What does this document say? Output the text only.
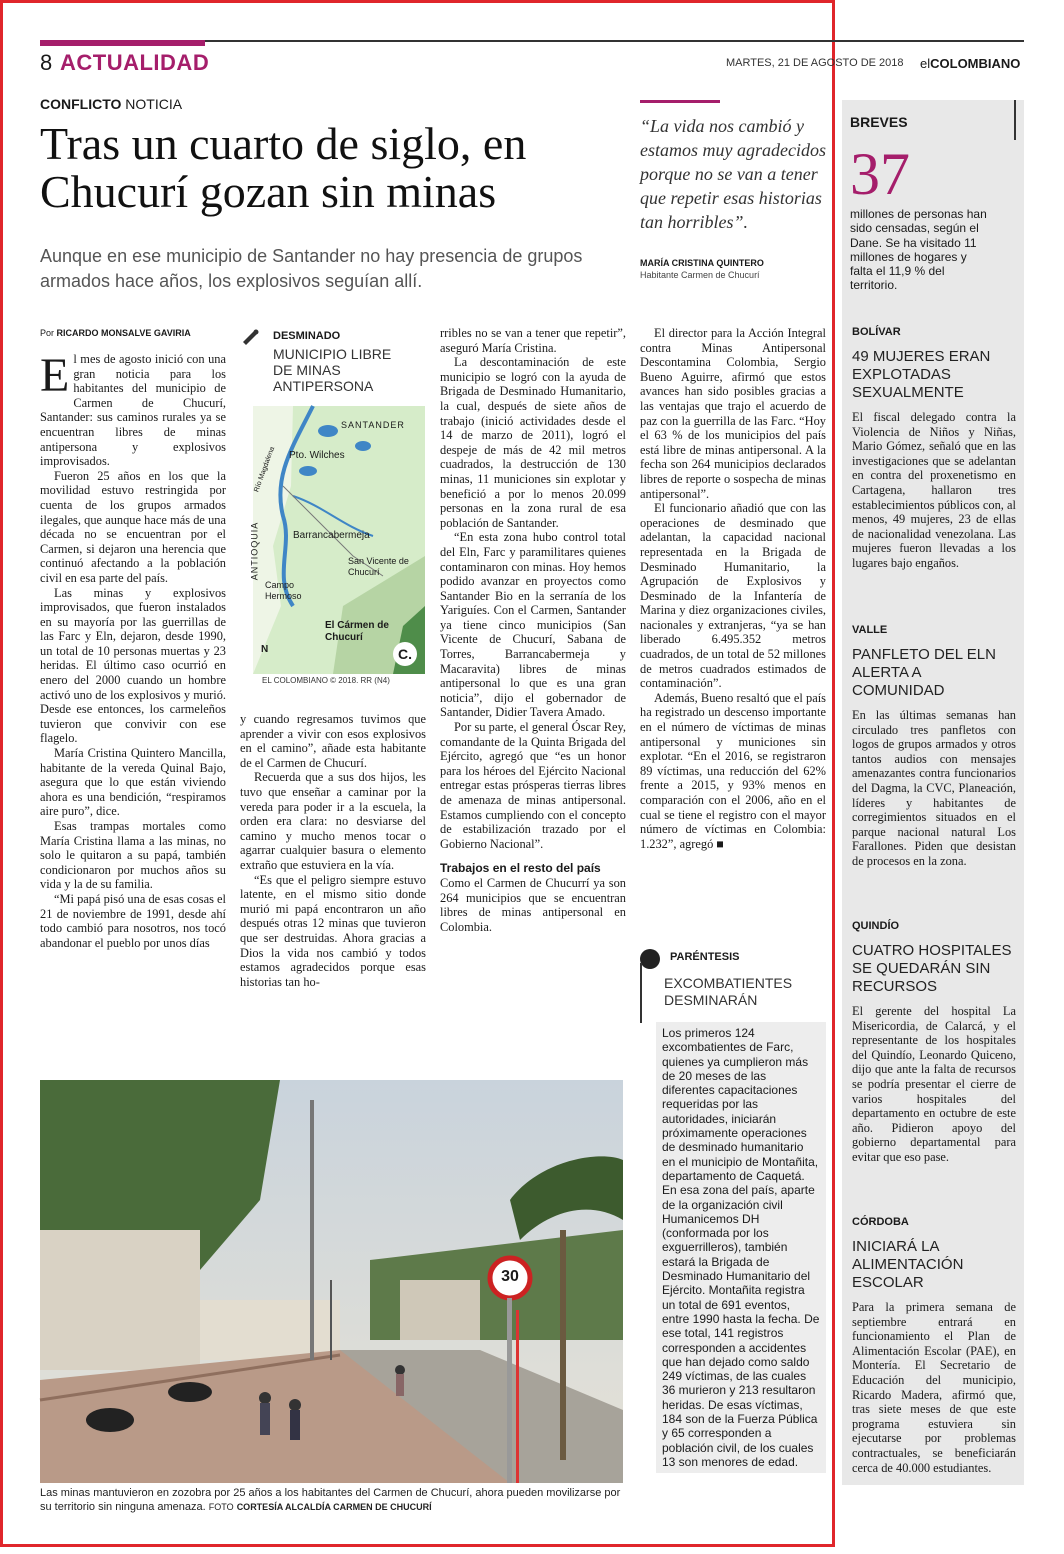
8 ACTUALIDAD	MARTES, 21 DE AGOSTO DE 2018 elCOLOMBIANO
CONFLICTO NOTICIA
Tras un cuarto de siglo, en Chucurí gozan sin minas
Aunque en ese municipio de Santander no hay presencia de grupos armados hace años, los explosivos seguían allí.
“La vida nos cambió y estamos muy agradecidos porque no se van a tener que repetir esas historias tan horribles”.
MARÍA CRISTINA QUINTERO
Habitante Carmen de Chucurí
Por RICARDO MONSALVE GAVIRIA

El mes de agosto inició con una gran noticia para los habitantes del municipio de Carmen de Chucurí, Santander: sus caminos rurales ya se encuentran libres de minas antipersona y explosivos improvisados.

Fueron 25 años en los que la movilidad estuvo restringida por cuenta de los grupos armados ilegales, que aunque hace más de una década no se encuentran por el Carmen, si dejaron una herencia que continuó afectando a la población civil en esa parte del país.

Las minas y explosivos improvisados, que fueron instalados en su mayoría por las guerrillas de las Farc y Eln, dejaron, desde 1990, un total de 10 personas muertas y 23 heridas. El último caso ocurrió en enero del 2000 cuando un hombre activó uno de los explosivos y murió. Desde ese entonces, los carmeleños tuvieron que convivir con ese flagelo.

María Cristina Quintero Mancilla, habitante de la vereda Quinal Bajo, asegura que lo que están viviendo ahora es una bendición, “respiramos aire puro”, dice.

Esas trampas mortales como María Cristina llama a las minas, no solo le quitaron a su papá, también condicionaron por muchos años su vida y la de su familia.

“Mi papá pisó una de esas cosas el 21 de noviembre de 1991, desde ahí todo cambió para nosotros, nos tocó abandonar el pueblo por unos días

DESMINADO
MUNICIPIO LIBRE DE MINAS ANTIPERSONA
SANTANDER
Pto. Wilches
ANTIOQUIA
Río Magdalena
Barrancabermeja
San Vicente de Chucurí
Campo Hermoso
El Cármen de Chucurí
N	C.
EL COLOMBIANO © 2018. RR (N4)

y cuando regresamos tuvimos que aprender a vivir con esos explosivos en el camino”, añade esta habitante de el Carmen de Chucurí.

Recuerda que a sus dos hijos, les tuvo que enseñar a caminar por la vereda para poder ir a la escuela, la orden era clara: no desviarse del camino y mucho menos tocar o agarrar cualquier basura o elemento extraño que estuviera en la vía.

“Es que el peligro siempre estuvo latente, en el mismo sitio donde murió mi papá encontraron un año después otras 12 minas que tuvieron que ser destruidas. Ahora gracias a Dios la vida nos cambió y todos estamos agradecidos porque esas historias tan ho-

rribles no se van a tener que repetir”, aseguró María Cristina.

La descontaminación de este municipio se logró con la ayuda de Brigada de Desminado Humanitario, la cual, después de siete años de trabajo (inició actividades desde el 14 de marzo de 2011), logró el despeje de más de 42 mil metros cuadrados, la destrucción de 130 minas, 11 municiones sin explotar y benefició a por lo menos 20.099 personas en la zona rural de esa población de Santander.

“En esta zona hubo control total del Eln, Farc y paramilitares quienes contaminaron con minas. Hoy hemos podido avanzar en proyectos como Santander Bio en la serranía de los Yariguíes. Con el Carmen, Santander ya tiene cinco municipios (San Vicente de Chucurí, Sabana de Torres, Barrancabermeja y Macaravita) libres de minas antipersonal lo que es una gran noticia”, dijo el gobernador de Santander, Didier Tavera Amado.

Por su parte, el general Óscar Rey, comandante de la Quinta Brigada del Ejército, agregó que “es un honor para los héroes del Ejército Nacional entregar estas prósperas tierras libres de amenaza de minas antipersonal. Estamos cumpliendo con el concepto de estabilización trazado por el Gobierno Nacional”.

Trabajos en el resto del país

Como el Carmen de Chucurrí ya son 264 municipios que se encuentran libres de minas antipersonal en Colombia.

El director para la Acción Integral contra Minas Antipersonal Descontamina Colombia, Sergio Bueno Aguirre, afirmó que estos avances han sido posibles gracias a las ventajas que trajo el acuerdo de paz con la guerrilla de las Farc. “Hoy el 63 % de los municipios del país está libre de minas antipersonal. A la fecha son 264 municipios declarados libres de reporte o sospecha de minas antipersonal”.

El funcionario añadió que con las operaciones de desminado que adelantan, la capacidad nacional representada en la Brigada de Desminado Humanitario, la Agrupación de Explosivos y Desminado de la Infantería de Marina y diez organizaciones civiles, nacionales y extranjeras, “ya se han liberado 6.495.352 metros cuadrados, de un total de 52 millones de metros cuadrados estimados de contaminación”.

Además, Bueno resaltó que el país ha registrado un descenso importante en el número de víctimas de minas antipersonal y municiones sin explotar. “En el 2016, se registraron 89 víctimas, una reducción del 62% frente a 2015, y 93% menos en comparación con el 2006, año en el cual se tiene el registro con el mayor número de víctimas en Colombia: 1.232”, agregó ■

30
Las minas mantuvieron en zozobra por 25 años a los habitantes del Carmen de Chucurí, ahora pueden movilizarse por su territorio sin ninguna amenaza. FOTO CORTESÍA ALCALDÍA CARMEN DE CHUCURÍ
PARÉNTESIS
EXCOMBATIENTES DESMINARÁN
Los primeros 124 excombatientes de Farc, quienes ya cumplieron más de 20 meses de las diferentes capacitaciones requeridas por las autoridades, iniciarán próximamente operaciones de desminado humanitario en el municipio de Montañita, departamento de Caquetá. En esa zona del país, aparte de la organización civil Humanicemos DH (conformada por los exguerrilleros), también estará la Brigada de Desminado Humanitario del Ejército. Montañita registra un total de 691 eventos, entre 1990 hasta la fecha. De ese total, 141 registros corresponden a accidentes que han dejado como saldo 249 víctimas, de las cuales 36 murieron y 213 resultaron heridas. De esas víctimas, 184 son de la Fuerza Pública y 65 corresponden a población civil, de los cuales 13 son menores de edad.
BREVES
37
millones de personas han sido censadas, según el Dane. Se ha visitado 11 millones de hogares y falta el 11,9 % del territorio.
BOLÍVAR
49 MUJERES ERAN EXPLOTADAS SEXUALMENTE
El fiscal delegado contra la Violencia de Niños y Niñas, Mario Gómez, señaló que en las investigaciones que se adelantan en contra del proxenetismo en Cartagena, hallaron tres establecimientos públicos con, al menos, 49 mujeres, 23 de ellas de nacionalidad venezolana. Las mujeres fueron llevadas a los lugares bajo engaños.
VALLE
PANFLETO DEL ELN ALERTA A COMUNIDAD
En las últimas semanas han circulado tres panfletos con logos de grupos armados y otros tantos audios con mensajes amenazantes contra funcionarios del Dagma, la CVC, Planeación, líderes y habitantes de corregimientos situados en el parque nacional natural Los Farallones. Piden que desistan de procesos en la zona.
QUINDÍO
CUATRO HOSPITALES SE QUEDARÁN SIN RECURSOS
El gerente del hospital La Misericordia, de Calarcá, y el representante de los hospitales del Quindío, Leonardo Quiceno, dijo que ante la falta de recursos se podría presentar el cierre de varios hospitales del departamento en octubre de este año. Pidieron apoyo del gobierno departamental para evitar que eso pase.
CÓRDOBA
INICIARÁ LA ALIMENTACIÓN ESCOLAR
Para la primera semana de septiembre entrará en funcionamiento el Plan de Alimentación Escolar (PAE), en Montería. El Secretario de Educación del municipio, Ricardo Madera, afirmó que, tras siete meses de que este programa estuviera sin ejecutarse por problemas contractuales, se beneficiarán cerca de 40.000 estudiantes.
